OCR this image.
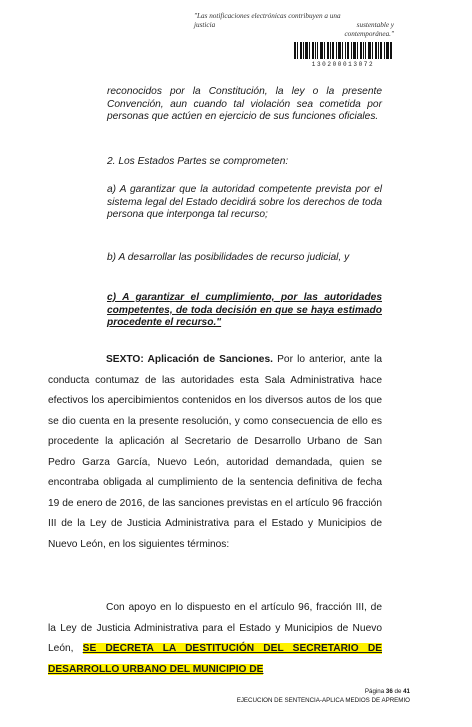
"Las notificaciones electrónicas contribuyen a una
justicia	sustentable y
contemporánea."
130200013072
reconocidos por la Constitución, la ley o la presente Convención, aun cuando tal violación sea cometida por personas que actúen en ejercicio de sus funciones oficiales.
2. Los Estados Partes se comprometen:
a) A garantizar que la autoridad competente prevista por el sistema legal del Estado decidirá sobre los derechos de toda persona que interponga tal recurso;
b) A desarrollar las posibilidades de recurso judicial, y
c) A garantizar el cumplimiento, por las autoridades competentes, de toda decisión en que se haya estimado procedente el recurso."
SEXTO: Aplicación de Sanciones. Por lo anterior, ante la conducta contumaz de las autoridades esta Sala Administrativa hace efectivos los apercibimientos contenidos en los diversos autos de los que se dio cuenta en la presente resolución, y como consecuencia de ello es procedente la aplicación al Secretario de Desarrollo Urbano de San Pedro Garza García, Nuevo León, autoridad demandada, quien se encontraba obligada al cumplimiento de la sentencia definitiva de fecha 19 de enero de 2016, de las sanciones previstas en el artículo 96 fracción III de la Ley de Justicia Administrativa para el Estado y Municipios de Nuevo León, en los siguientes términos:
Con apoyo en lo dispuesto en el artículo 96, fracción III, de la Ley de Justicia Administrativa para el Estado y Municipios de Nuevo León, SE DECRETA LA DESTITUCIÓN DEL SECRETARIO DE DESARROLLO URBANO DEL MUNICIPIO DE
Página 36 de 41
EJECUCION DE SENTENCIA-APLICA MEDIOS DE APREMIO
